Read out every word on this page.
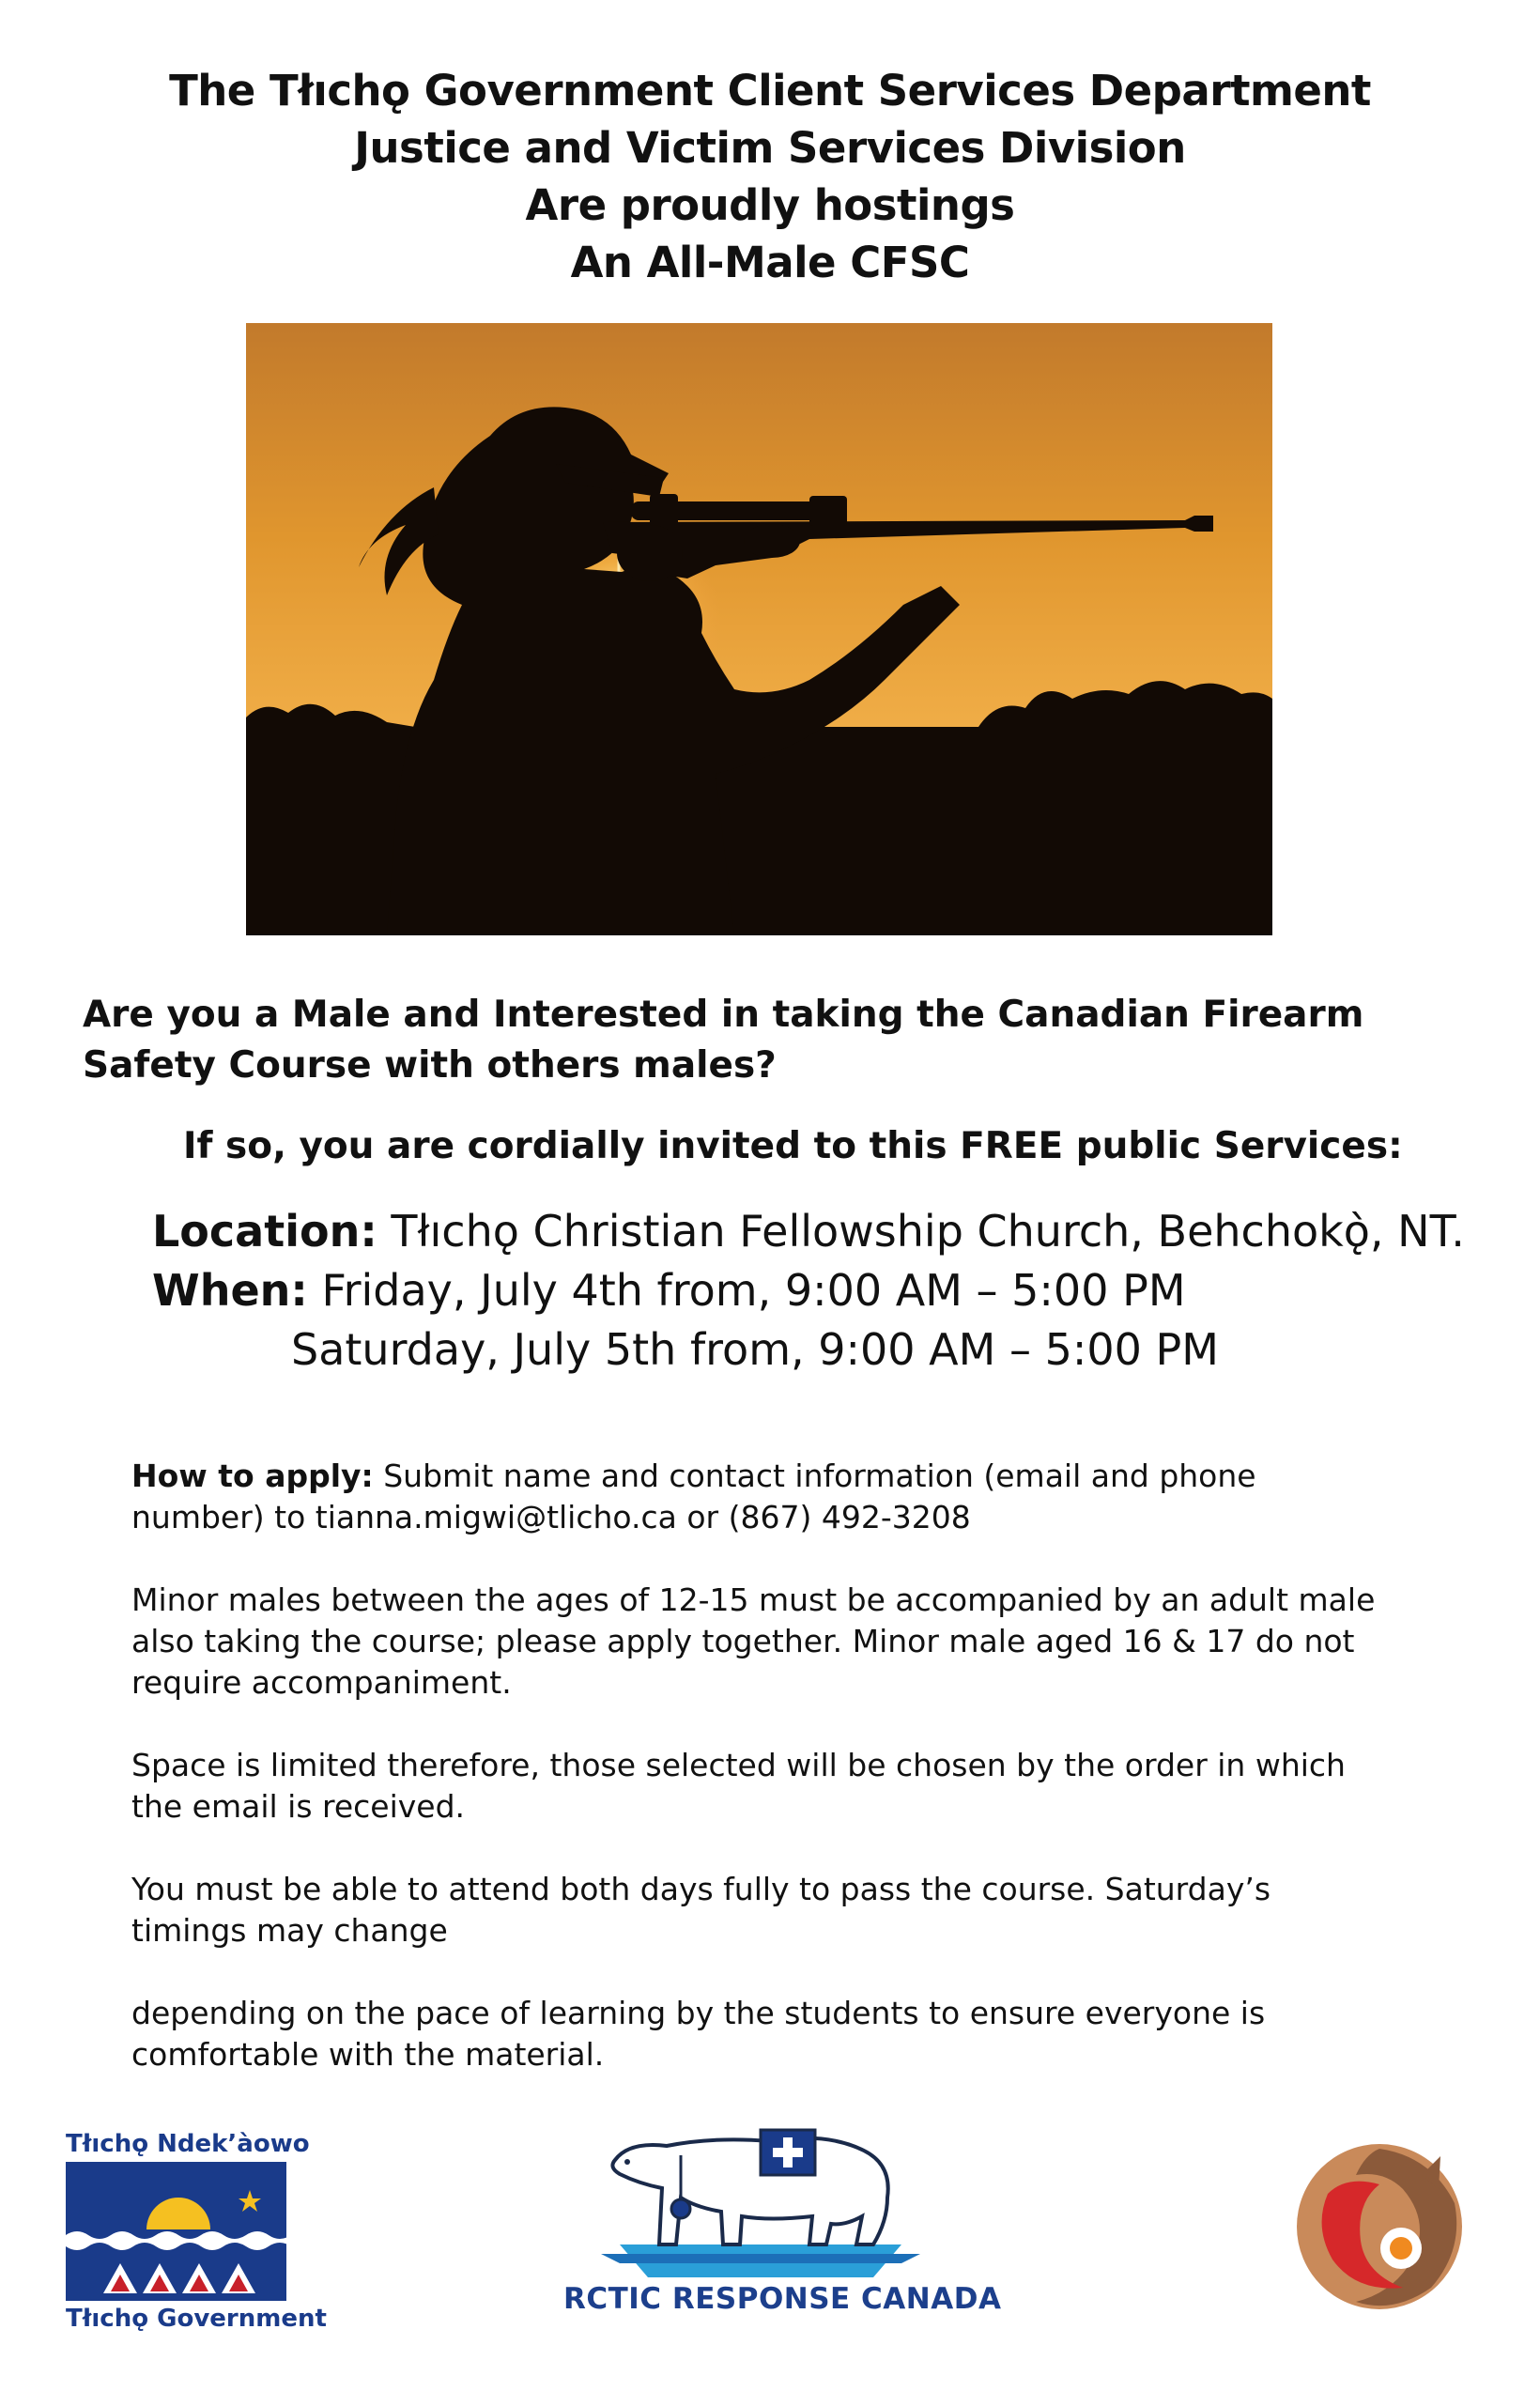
The Tłıchǫ Government Client Services Department
Justice and Victim Services Division
Are proudly hostings
An All-Male CFSC
Are you a Male and Interested in taking the Canadian Firearm Safety Course with others males?
If so, you are cordially invited to this FREE public Services:
Location: Tłıchǫ Christian Fellowship Church, Behchokǫ̀, NT.
When: Friday, July 4th from, 9:00 AM – 5:00 PM
Saturday, July 5th from, 9:00 AM – 5:00 PM

How to apply: Submit name and contact information (email and phone number) to tianna.migwi@tlicho.ca or (867) 492-3208

Minor males between the ages of 12-15 must be accompanied by an adult male also taking the course; please apply together. Minor male aged 16 & 17 do not require accompaniment.

Space is limited therefore, those selected will be chosen by the order in which the email is received.

You must be able to attend both days fully to pass the course. Saturday’s timings may change

depending on the pace of learning by the students to ensure everyone is comfortable with the material.

Tłıchǫ Ndek’àowo
Tłıchǫ Government
RCTIC RESPONSE CANADA
